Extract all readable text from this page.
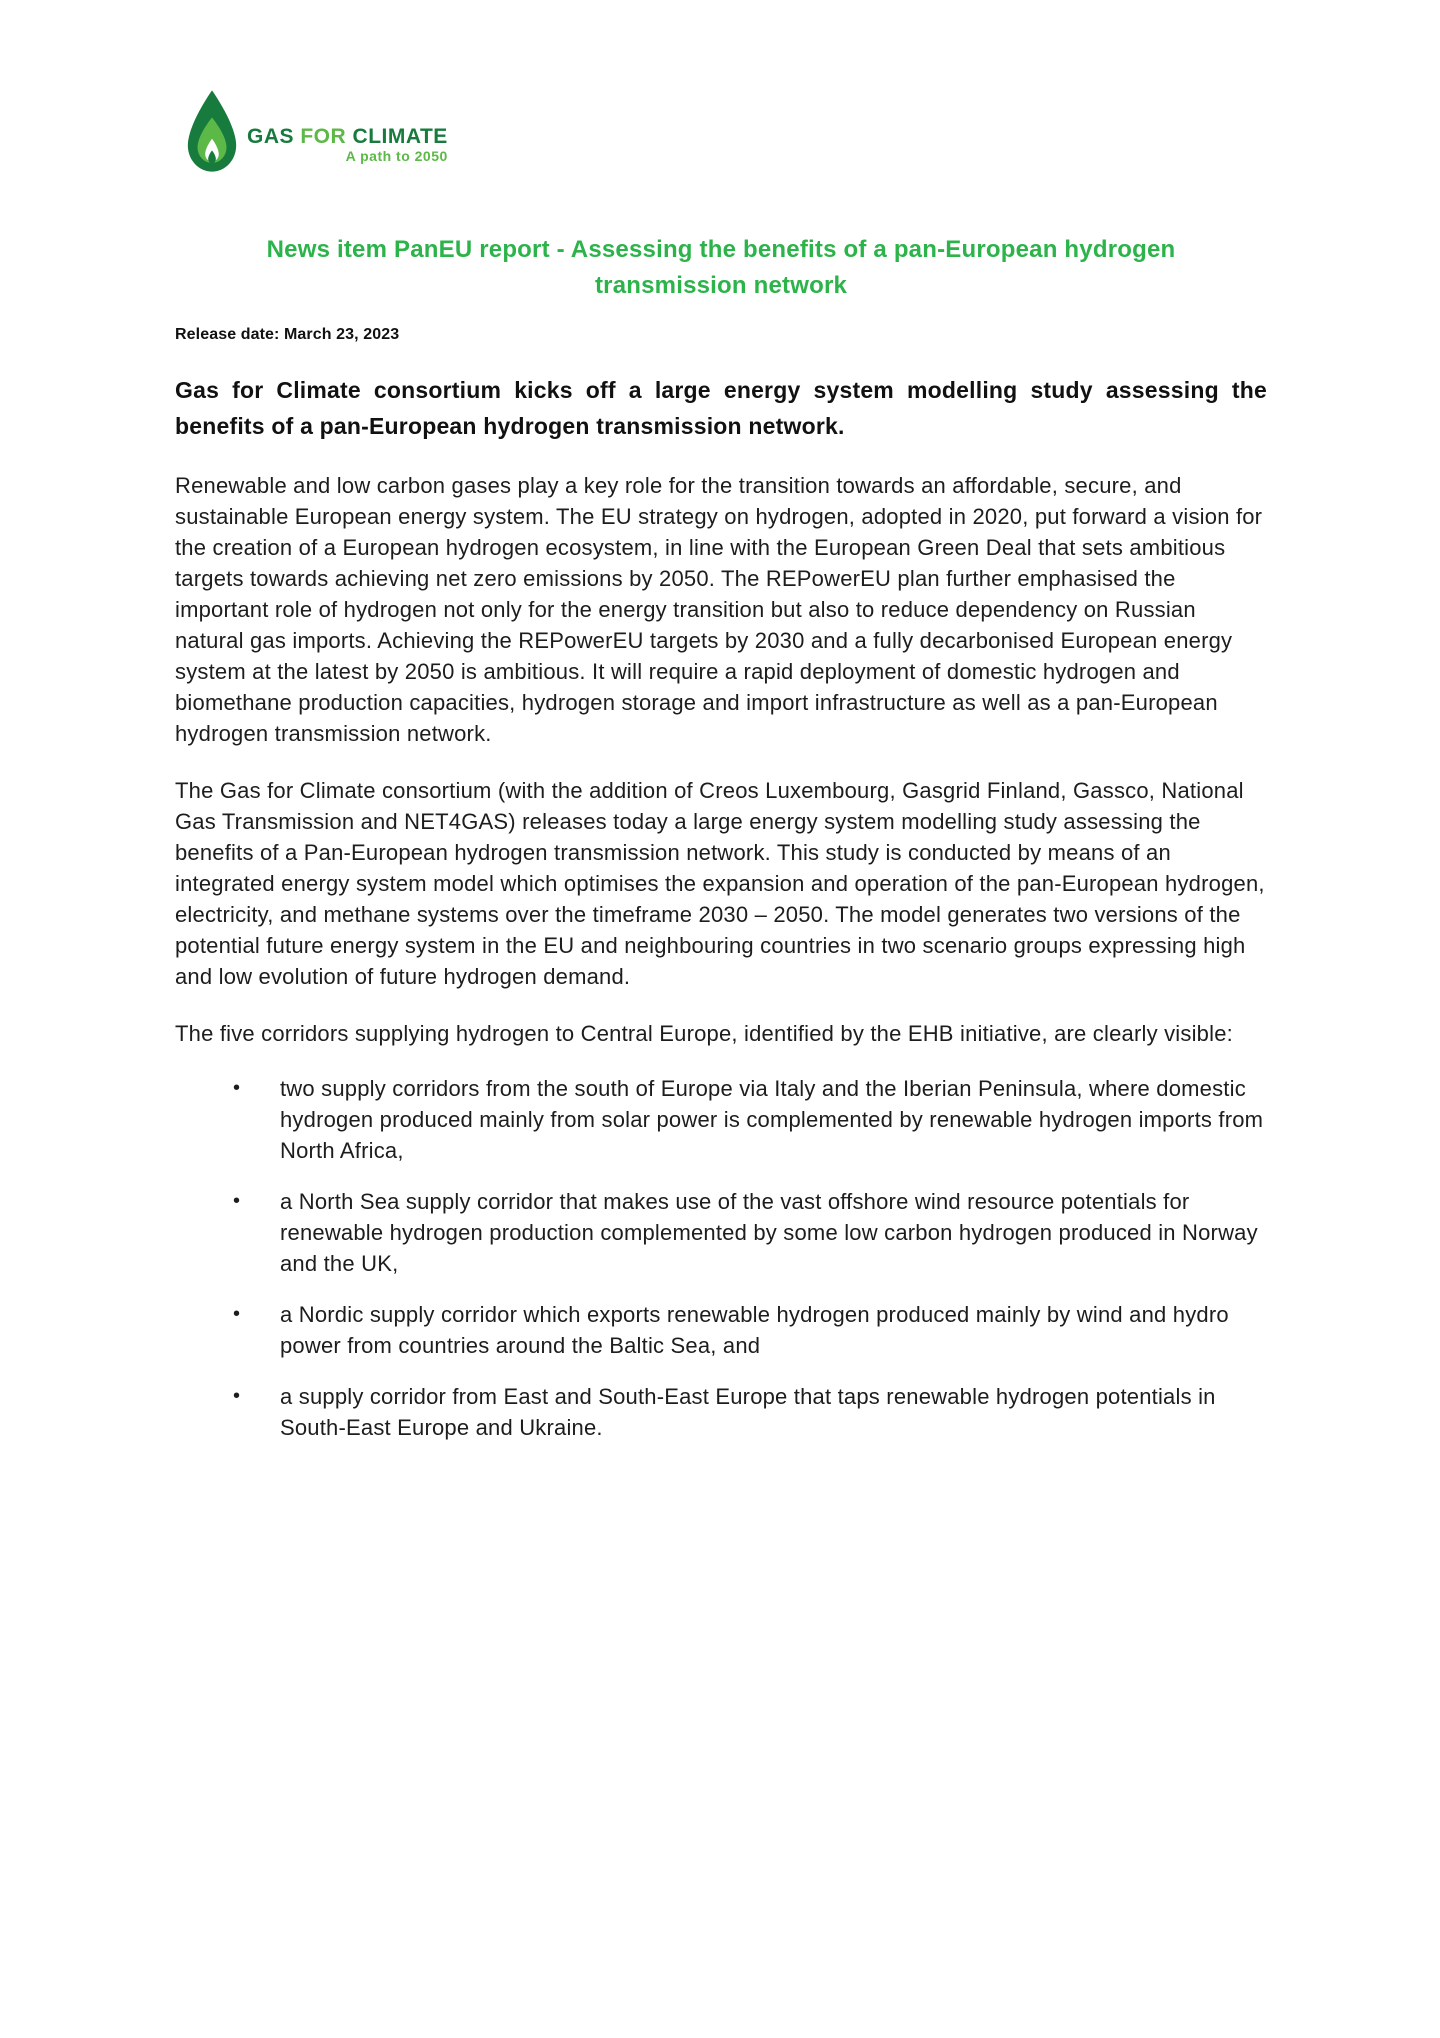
GAS FOR CLIMATE
A path to 2050
News item PanEU report - Assessing the benefits of a pan-European hydrogen transmission network
Release date: March 23, 2023
Gas for Climate consortium kicks off a large energy system modelling study assessing the benefits of a pan-European hydrogen transmission network.

Renewable and low carbon gases play a key role for the transition towards an affordable, secure, and sustainable European energy system. The EU strategy on hydrogen, adopted in 2020, put forward a vision for the creation of a European hydrogen ecosystem, in line with the European Green Deal that sets ambitious targets towards achieving net zero emissions by 2050. The REPowerEU plan further emphasised the important role of hydrogen not only for the energy transition but also to reduce dependency on Russian natural gas imports. Achieving the REPowerEU targets by 2030 and a fully decarbonised European energy system at the latest by 2050 is ambitious. It will require a rapid deployment of domestic hydrogen and biomethane production capacities, hydrogen storage and import infrastructure as well as a pan-European hydrogen transmission network.

The Gas for Climate consortium (with the addition of Creos Luxembourg, Gasgrid Finland, Gassco, National Gas Transmission and NET4GAS) releases today a large energy system modelling study assessing the benefits of a Pan-European hydrogen transmission network. This study is conducted by means of an integrated energy system model which optimises the expansion and operation of the pan-European hydrogen, electricity, and methane systems over the timeframe 2030 – 2050. The model generates two versions of the potential future energy system in the EU and neighbouring countries in two scenario groups expressing high and low evolution of future hydrogen demand.

The five corridors supplying hydrogen to Central Europe, identified by the EHB initiative, are clearly visible:

• two supply corridors from the south of Europe via Italy and the Iberian Peninsula, where domestic hydrogen produced mainly from solar power is complemented by renewable hydrogen imports from North Africa,
• a North Sea supply corridor that makes use of the vast offshore wind resource potentials for renewable hydrogen production complemented by some low carbon hydrogen produced in Norway and the UK,
• a Nordic supply corridor which exports renewable hydrogen produced mainly by wind and hydro power from countries around the Baltic Sea, and
• a supply corridor from East and South-East Europe that taps renewable hydrogen potentials in South-East Europe and Ukraine.
